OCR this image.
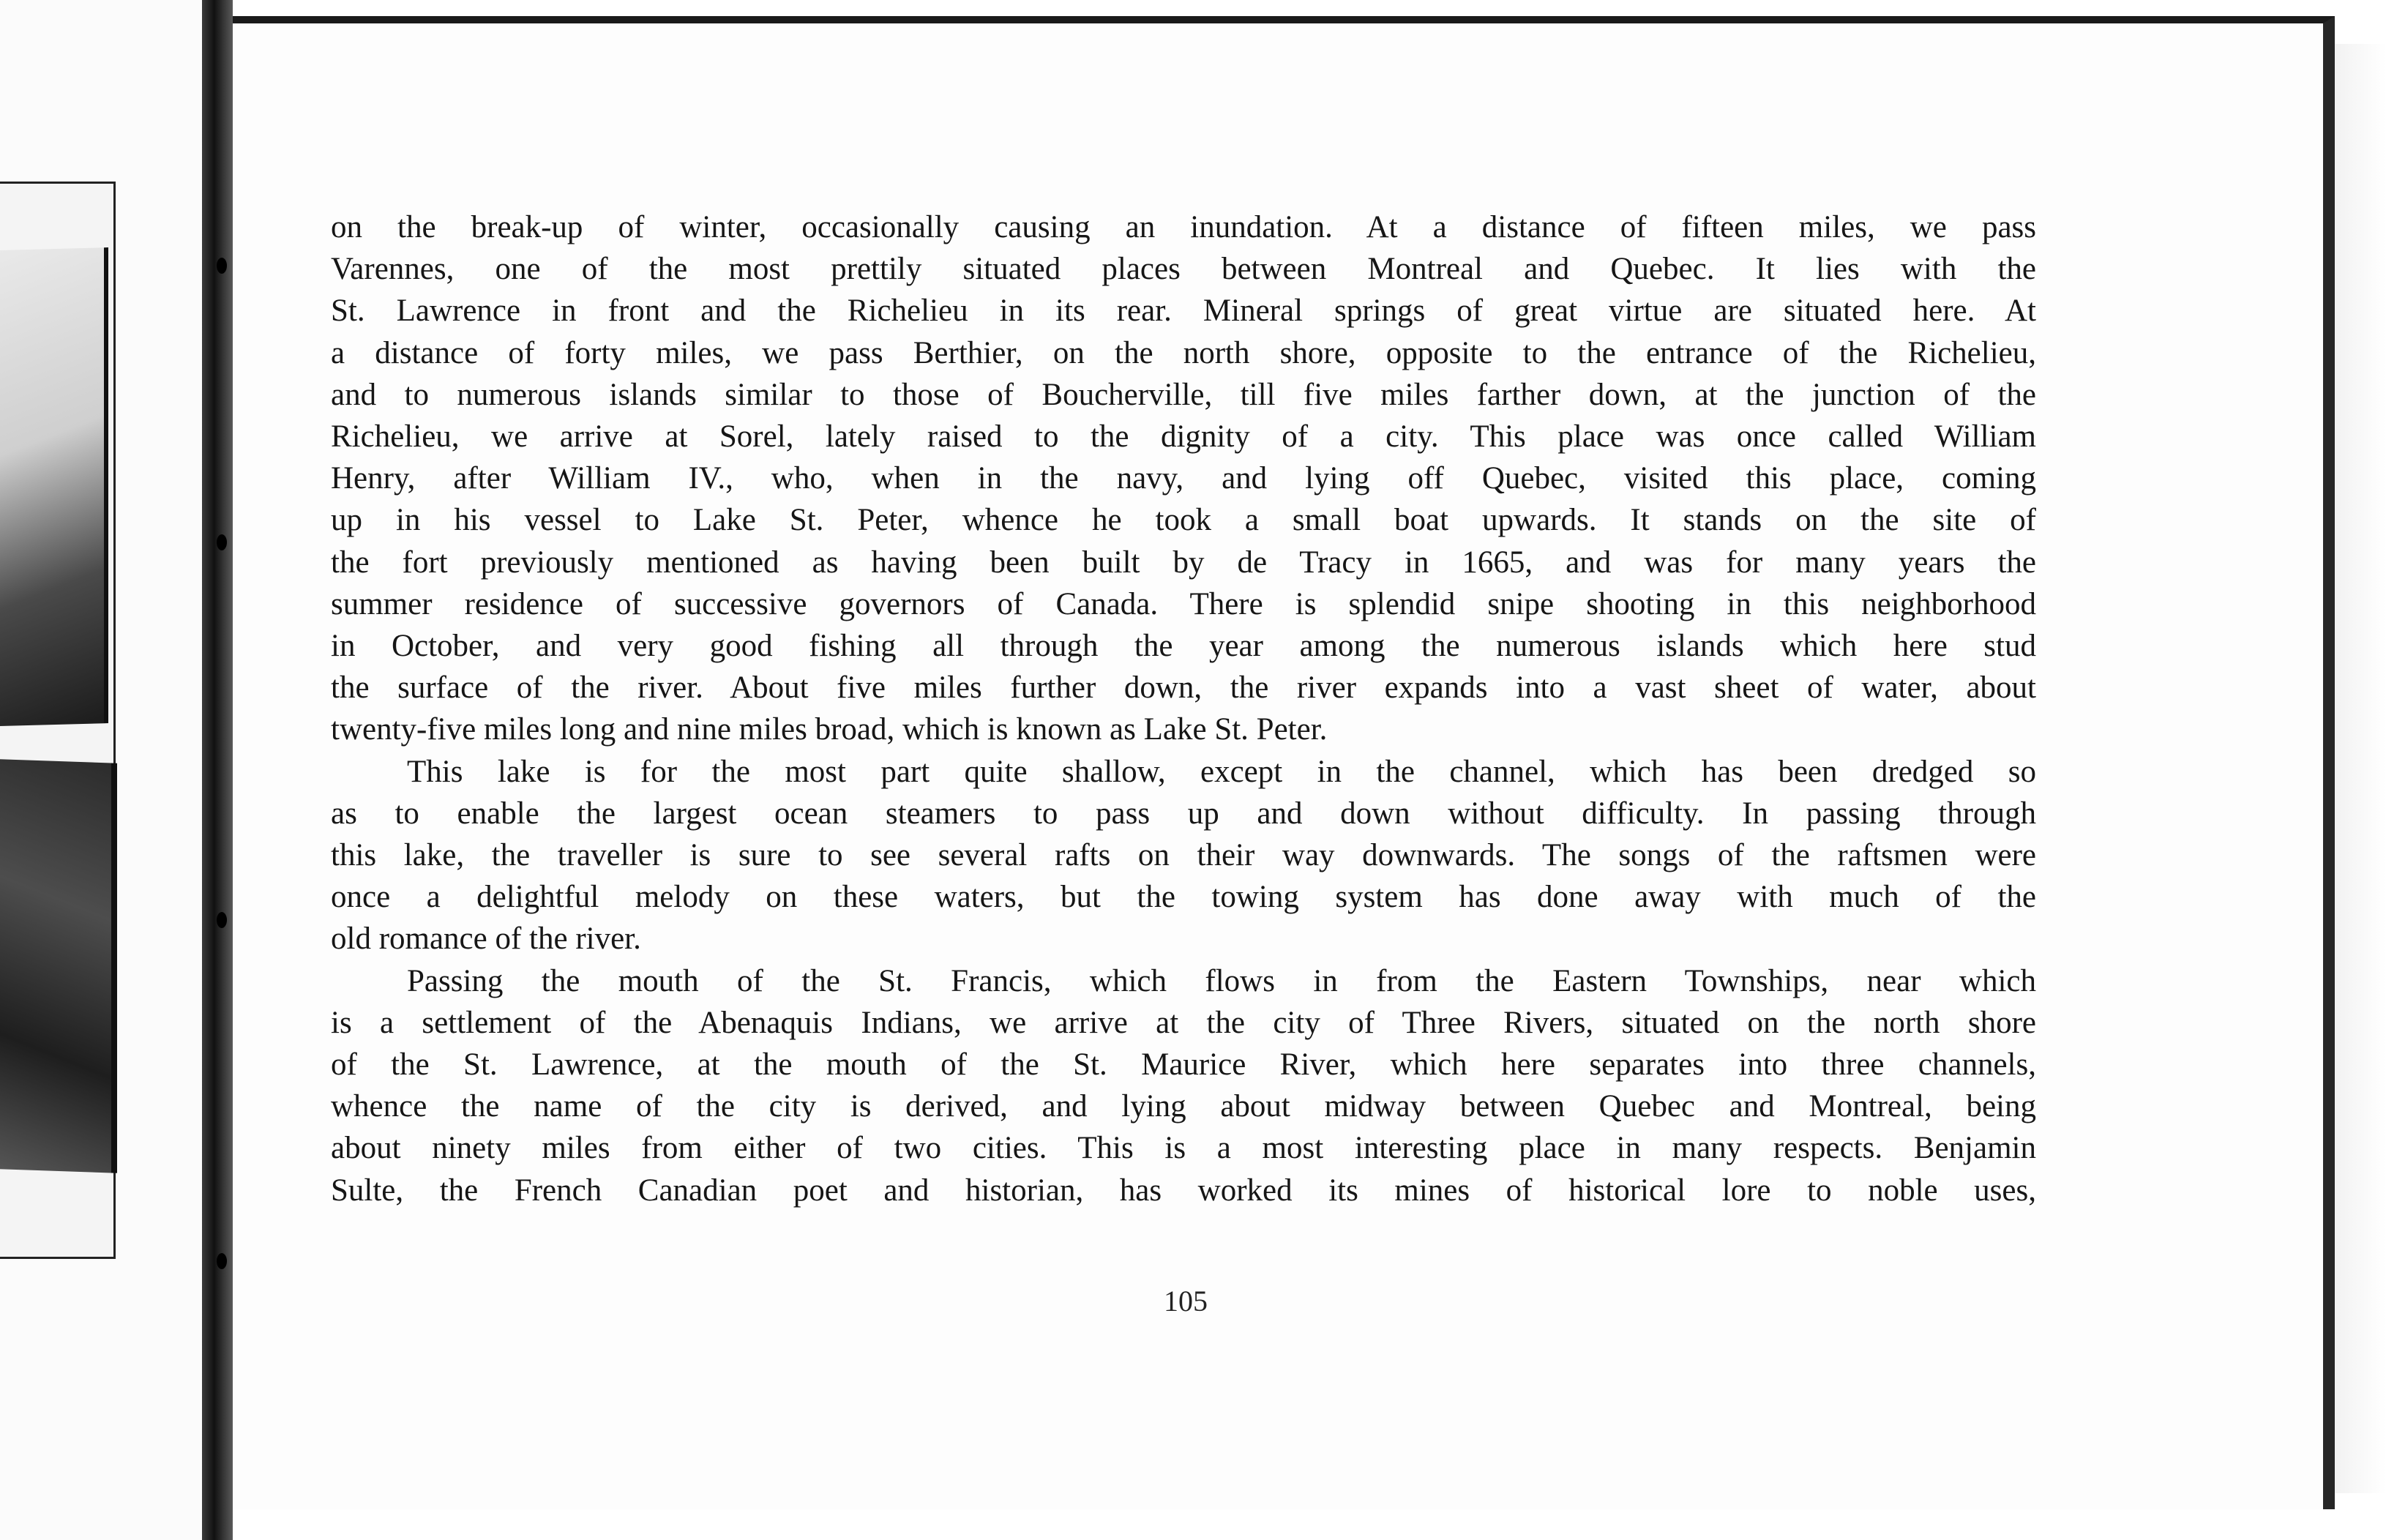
on the break-up of winter, occasionally causing an inundation. At a distance of fifteen miles, we pass

Varennes, one of the most prettily situated places between Montreal and Quebec. It lies with the

St. Lawrence in front and the Richelieu in its rear. Mineral springs of great virtue are situated here. At

a distance of forty miles, we pass Berthier, on the north shore, opposite to the entrance of the Richelieu,

and to numerous islands similar to those of Boucherville, till five miles farther down, at the junction of the

Richelieu, we arrive at Sorel, lately raised to the dignity of a city. This place was once called William

Henry, after William IV., who, when in the navy, and lying off Quebec, visited this place, coming

up in his vessel to Lake St. Peter, whence he took a small boat upwards. It stands on the site of

the fort previously mentioned as having been built by de Tracy in 1665, and was for many years the

summer residence of successive governors of Canada. There is splendid snipe shooting in this neighborhood

in October, and very good fishing all through the year among the numerous islands which here stud

the surface of the river. About five miles further down, the river expands into a vast sheet of water, about

twenty-five miles long and nine miles broad, which is known as Lake St. Peter.

This lake is for the most part quite shallow, except in the channel, which has been dredged so

as to enable the largest ocean steamers to pass up and down without difficulty. In passing through

this lake, the traveller is sure to see several rafts on their way downwards. The songs of the raftsmen were

once a delightful melody on these waters, but the towing system has done away with much of the

old romance of the river.

Passing the mouth of the St. Francis, which flows in from the Eastern Townships, near which

is a settlement of the Abenaquis Indians, we arrive at the city of Three Rivers, situated on the north shore

of the St. Lawrence, at the mouth of the St. Maurice River, which here separates into three channels,

whence the name of the city is derived, and lying about midway between Quebec and Montreal, being

about ninety miles from either of two cities. This is a most interesting place in many respects. Benjamin

Sulte, the French Canadian poet and historian, has worked its mines of historical lore to noble uses,

105
